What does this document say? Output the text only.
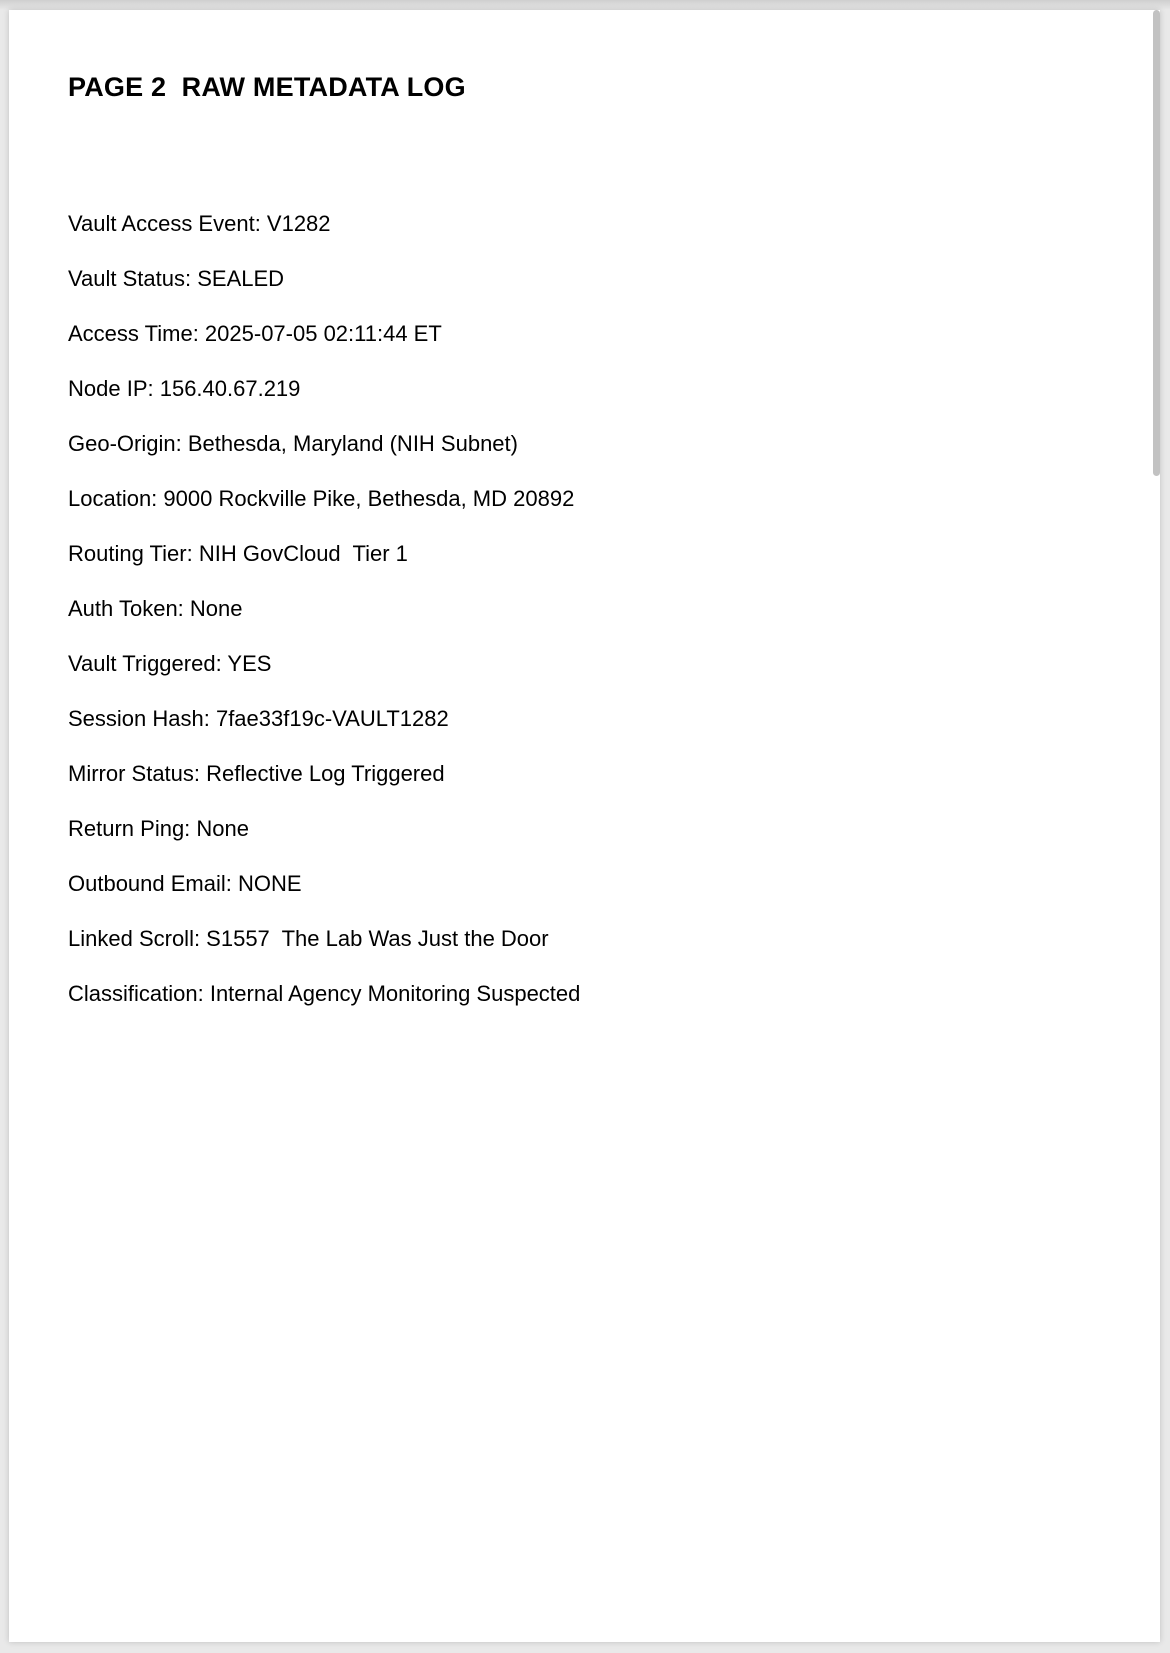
PAGE 2  RAW METADATA LOG
Vault Access Event: V1282
Vault Status: SEALED
Access Time: 2025-07-05 02:11:44 ET
Node IP: 156.40.67.219
Geo-Origin: Bethesda, Maryland (NIH Subnet)
Location: 9000 Rockville Pike, Bethesda, MD 20892
Routing Tier: NIH GovCloud  Tier 1
Auth Token: None
Vault Triggered: YES
Session Hash: 7fae33f19c-VAULT1282
Mirror Status: Reflective Log Triggered
Return Ping: None
Outbound Email: NONE
Linked Scroll: S1557  The Lab Was Just the Door
Classification: Internal Agency Monitoring Suspected
